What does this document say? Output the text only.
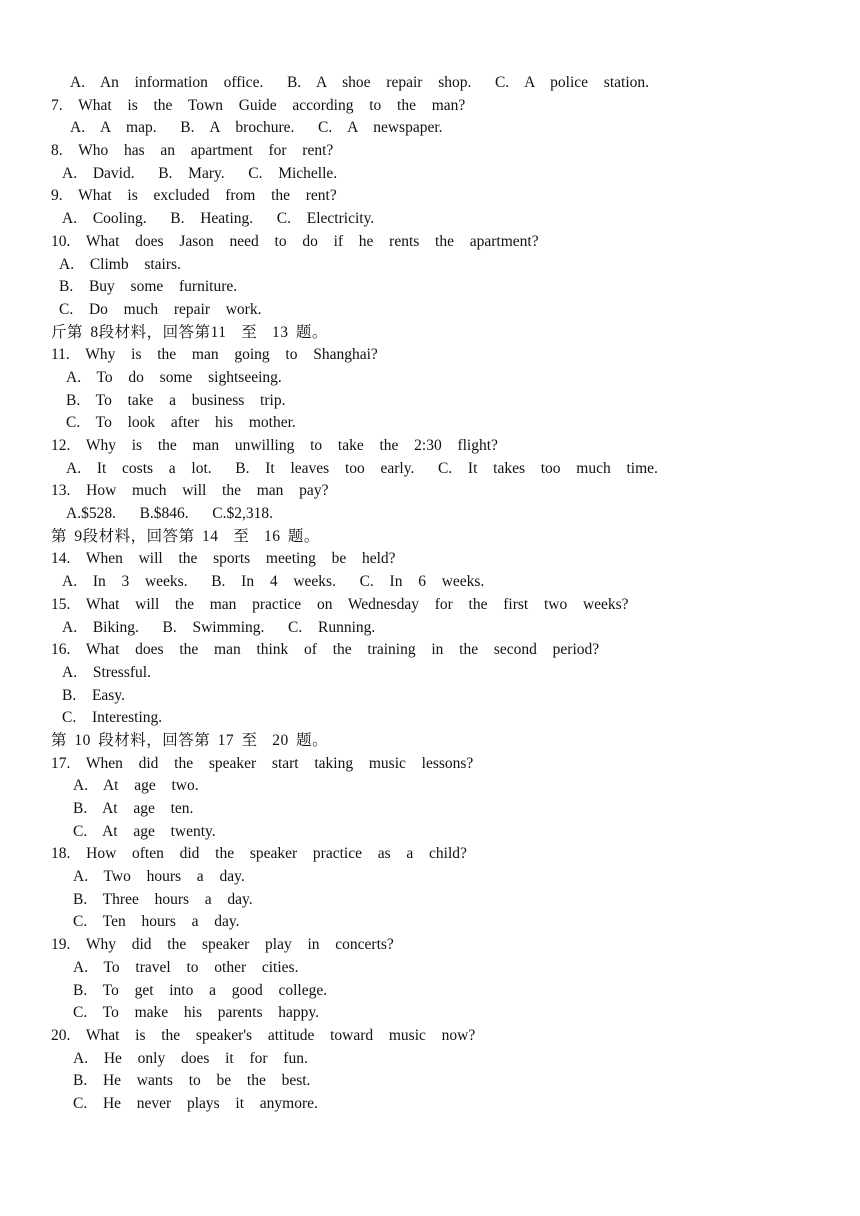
A.  An  information  office.   B.  A  shoe  repair  shop.   C.  A  police  station.
7.  What  is  the  Town  Guide  according  to  the  man?
A.  A  map.   B.  A  brochure.   C.  A  newspaper.
8.  Who  has  an  apartment  for  rent?
A.  David.   B.  Mary.   C.  Michelle.
9.  What  is  excluded  from  the  rent?
A.  Cooling.   B.  Heating.   C.  Electricity.
10.  What  does  Jason  need  to  do  if  he  rents  the  apartment?
A.  Climb  stairs.
B.  Buy  some  furniture.
C.  Do  much  repair  work.
斤第 8段材料，回答第11  至  13 题。
11.  Why  is  the  man  going  to  Shanghai?
A.  To  do  some  sightseeing.
B.  To  take  a  business  trip.
C.  To  look  after  his  mother.
12.  Why  is  the  man  unwilling  to  take  the  2:30  flight?
A.  It  costs  a  lot.   B.  It  leaves  too  early.   C.  It  takes  too  much  time.
13.  How  much  will  the  man  pay?
A.$528.   B.$846.   C.$2,318.
第 9段材料，回答第 14  至  16 题。
14.  When  will  the  sports  meeting  be  held?
A.  In  3  weeks.   B.  In  4  weeks.   C.  In  6  weeks.
15.  What  will  the  man  practice  on  Wednesday  for  the  first  two  weeks?
A.  Biking.   B.  Swimming.   C.  Running.
16.  What  does  the  man  think  of  the  training  in  the  second  period?
A.  Stressful.
B.  Easy.
C.  Interesting.
第 10 段材料，回答第 17 至  20 题。
17.  When  did  the  speaker  start  taking  music  lessons?
A.  At  age  two.
B.  At  age  ten.
C.  At  age  twenty.
18.  How  often  did  the  speaker  practice  as  a  child?
A.  Two  hours  a  day.
B.  Three  hours  a  day.
C.  Ten  hours  a  day.
19.  Why  did  the  speaker  play  in  concerts?
A.  To  travel  to  other  cities.
B.  To  get  into  a  good  college.
C.  To  make  his  parents  happy.
20.  What  is  the  speaker's  attitude  toward  music  now?
A.  He  only  does  it  for  fun.
B.  He  wants  to  be  the  best.
C.  He  never  plays  it  anymore.
